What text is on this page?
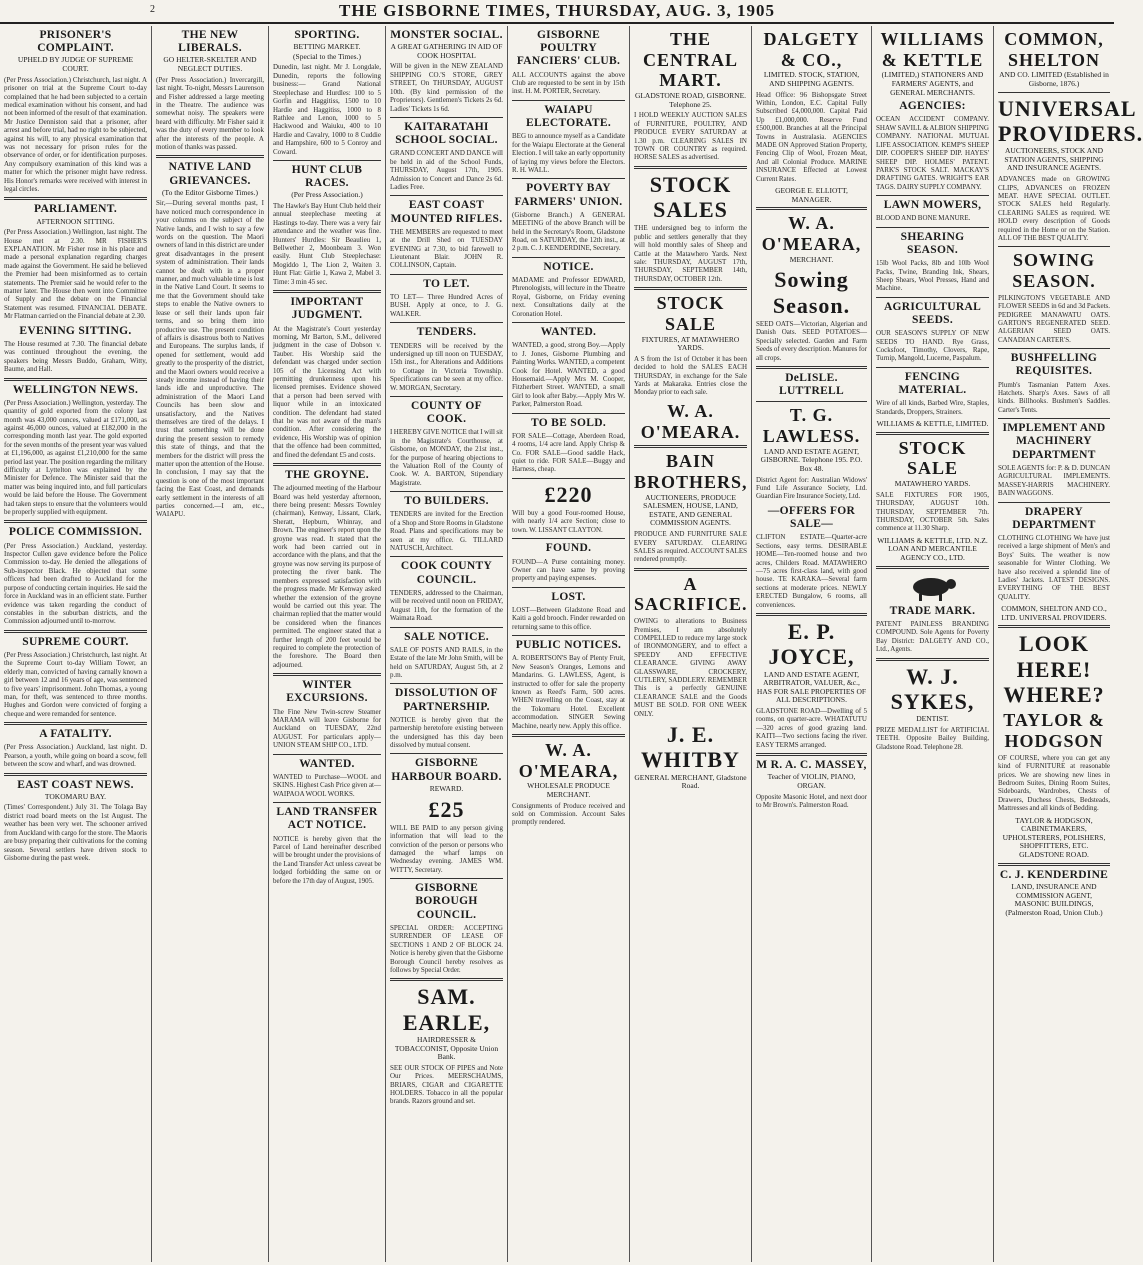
2	THE GISBORNE TIMES, THURSDAY, AUG. 3, 1905
PRISONER'S COMPLAINT.
UPHELD BY JUDGE OF SUPREME COURT.
(Per Press Association.) Christchurch, last night. A prisoner on trial at the Supreme Court to-day complained that he had been subjected to a certain medical examination without his consent, and had not been informed of the result of that examination. Mr Justice Denniston said that a prisoner, after arrest and before trial, had no right to be subjected, against his will, to any physical examination that was not necessary for prison rules for the observance of order, or for identification purposes. Any compulsory examination of this kind was a matter for which the prisoner might have redress. His Honor's remarks were received with interest in legal circles.
PARLIAMENT.
AFTERNOON SITTING.
(Per Press Association.) Wellington, last night. The House met at 2.30. MR FISHER'S EXPLANATION. Mr Fisher rose in his place and made a personal explanation regarding charges made against the Government. He said he believed the Premier had been misinformed as to certain statements. The Premier said he would refer to the matter later. The House then went into Committee of Supply and the debate on the Financial Statement was resumed. FINANCIAL DEBATE. Mr Flatman carried on the Financial debate at 2.30.
EVENING SITTING.
The House resumed at 7.30. The financial debate was continued throughout the evening, the speakers being Messrs Buddo, Graham, Witty, Baume, and Hall.
WELLINGTON NEWS.
(Per Press Association.) Wellington, yesterday. The quantity of gold exported from the colony last month was 43,000 ounces, valued at £171,000, as against 46,000 ounces, valued at £182,000 in the corresponding month last year. The gold exported for the seven months of the present year was valued at £1,196,000, as against £1,210,000 for the same period last year. The position regarding the military difficulty at Lyttelton was explained by the Minister for Defence. The Minister said that the matter was being inquired into, and full particulars would be laid before the House. The Government had taken steps to ensure that the volunteers would be properly supplied with equipment.
POLICE COMMISSION.
(Per Press Association.) Auckland, yesterday. Inspector Cullen gave evidence before the Police Commission to-day. He denied the allegations of Sub-inspector Black. He objected that some officers had been drafted to Auckland for the purpose of conducting certain inquiries. He said the force in Auckland was in an efficient state. Further evidence was taken regarding the conduct of constables in the suburban districts, and the Commission adjourned until to-morrow.
SUPREME COURT.
(Per Press Association.) Christchurch, last night. At the Supreme Court to-day William Tower, an elderly man, convicted of having carnally known a girl between 12 and 16 years of age, was sentenced to five years' imprisonment. John Thomas, a young man, for theft, was sentenced to three months. Hughes and Gordon were convicted of forging a cheque and were remanded for sentence.
A FATALITY.
(Per Press Association.) Auckland, last night. D. Pearson, a youth, while going on board a scow, fell between the scow and wharf, and was drowned.
EAST COAST NEWS.
TOKOMARU BAY.
(Times' Correspondent.) July 31. The Tolaga Bay district road board meets on the 1st August. The weather has been very wet. The schooner arrived from Auckland with cargo for the store. The Maoris are busy preparing their cultivations for the coming season. Several settlers have driven stock to Gisborne during the past week.
THE NEW LIBERALS.
GO HELTER-SKELTER AND NEGLECT DUTIES.
(Per Press Association.) Invercargill, last night. To-night, Messrs Laurenson and Fisher addressed a large meeting in the Theatre. The audience was somewhat noisy. The speakers were heard with difficulty. Mr Fisher said it was the duty of every member to look after the interests of the people. A motion of thanks was passed.
NATIVE LAND GRIEVANCES.
(To the Editor Gisborne Times.)
Sir,—During several months past, I have noticed much correspondence in your columns on the subject of the Native lands, and I wish to say a few words on the question. The Maori owners of land in this district are under great disadvantages in the present system of administration. Their lands cannot be dealt with in a proper manner, and much valuable time is lost in the Native Land Court. It seems to me that the Government should take steps to enable the Native owners to lease or sell their lands upon fair terms, and so bring them into productive use. The present condition of affairs is disastrous both to Natives and Europeans. The surplus lands, if opened for settlement, would add greatly to the prosperity of the district, and the Maori owners would receive a steady income instead of having their lands idle and unproductive. The administration of the Maori Land Councils has been slow and unsatisfactory, and the Natives themselves are tired of the delays. I trust that something will be done during the present session to remedy this state of things, and that the members for the district will press the matter upon the attention of the House. In conclusion, I may say that the question is one of the most important facing the East Coast, and demands early settlement in the interests of all parties concerned.—I am, etc., WAIAPU.
SPORTING.
BETTING MARKET.
(Special to the Times.)
Dunedin, last night. Mr J. Longdale, Dunedin, reports the following business:— Grand National Steeplechase and Hurdles: 100 to 5 Gorfin and Haggitiss, 1500 to 10 Hardie and Haggitiss, 1000 to 8 Rathlee and Lenon, 1000 to 5 Hackwood and Waiuku, 400 to 10 Hardie and Cavalry, 1000 to 8 Cuddie and Hampshire, 600 to 5 Conroy and Coward.
HUNT CLUB RACES.
(Per Press Association.)
The Hawke's Bay Hunt Club held their annual steeplechase meeting at Hastings to-day. There was a very fair attendance and the weather was fine. Hunters' Hurdles: Sir Beaulieu 1, Bellwether 2, Moonbeam 3. Won easily. Hunt Club Steeplechase: Mogiddo 1, The Lion 2, Waiten 3. Hunt Flat: Girlie 1, Kawa 2, Mabel 3. Time: 3 min 45 sec.
IMPORTANT JUDGMENT.
At the Magistrate's Court yesterday morning, Mr Barton, S.M., delivered judgment in the case of Dobson v. Tauber. His Worship said the defendant was charged under section 105 of the Licensing Act with permitting drunkenness upon his licensed premises. Evidence showed that a person had been served with liquor while in an intoxicated condition. The defendant had stated that he was not aware of the man's condition. After considering the evidence, His Worship was of opinion that the offence had been committed, and fined the defendant £5 and costs.
THE GROYNE.
The adjourned meeting of the Harbour Board was held yesterday afternoon, there being present: Messrs Townley (chairman), Kenway, Lissant, Clark, Sheratt, Hepburn, Whinray, and Brown. The engineer's report upon the groyne was read. It stated that the work had been carried out in accordance with the plans, and that the groyne was now serving its purpose of protecting the river bank. The members expressed satisfaction with the progress made. Mr Kenway asked whether the extension of the groyne would be carried out this year. The chairman replied that the matter would be considered when the finances permitted. The engineer stated that a further length of 200 feet would be required to complete the protection of the foreshore. The Board then adjourned.
WINTER EXCURSIONS.
The Fine New Twin-screw Steamer MARAMA will leave Gisborne for Auckland on TUESDAY, 22nd AUGUST. For particulars apply— UNION STEAM SHIP CO., LTD.
WANTED.
WANTED to Purchase—WOOL and SKINS. Highest Cash Price given at— WAIPAOA WOOL WORKS.
LAND TRANSFER ACT NOTICE.
NOTICE is hereby given that the Parcel of Land hereinafter described will be brought under the provisions of the Land Transfer Act unless caveat be lodged forbidding the same on or before the 17th day of August, 1905.
MONSTER SOCIAL.
A GREAT GATHERING IN AID OF COOK HOSPITAL
Will be given in the NEW ZEALAND SHIPPING CO.'S STORE, GREY STREET, On THURSDAY, AUGUST 10th. (By kind permission of the Proprietors). Gentlemen's Tickets 2s 6d. Ladies' Tickets 1s 6d.
KAITARATAHI SCHOOL SOCIAL.
GRAND CONCERT AND DANCE will be held in aid of the School Funds, THURSDAY, August 17th, 1905. Admission to Concert and Dance 2s 6d. Ladies Free.
EAST COAST MOUNTED RIFLES.
THE MEMBERS are requested to meet at the Drill Shed on TUESDAY EVENING at 7.30, to bid farewell to Lieutenant Blair. JOHN R. COLLINSON, Captain.
TO LET.
TO LET— Three Hundred Acres of BUSH. Apply at once, to J. G. WALKER.
TENDERS.
TENDERS will be received by the undersigned up till noon on TUESDAY, 15th inst., for Alterations and Additions to Cottage in Victoria Township. Specifications can be seen at my office. W. MORGAN, Secretary.
COUNTY OF COOK.
I HEREBY GIVE NOTICE that I will sit in the Magistrate's Courthouse, at Gisborne, on MONDAY, the 21st inst., for the purpose of hearing objections to the Valuation Roll of the County of Cook. W. A. BARTON, Stipendiary Magistrate.
TO BUILDERS.
TENDERS are invited for the Erection of a Shop and Store Rooms in Gladstone Road. Plans and specifications may be seen at my office. G. TILLARD NATUSCH, Architect.
COOK COUNTY COUNCIL.
TENDERS, addressed to the Chairman, will be received until noon on FRIDAY, August 11th, for the formation of the Waimata Road.
SALE NOTICE.
SALE OF POSTS AND RAILS, in the Estate of the late Mr John Smith, will be held on SATURDAY, August 5th, at 2 p.m.
DISSOLUTION OF PARTNERSHIP.
NOTICE is hereby given that the partnership heretofore existing between the undersigned has this day been dissolved by mutual consent.
GISBORNE HARBOUR BOARD.
REWARD.
£25
WILL BE PAID to any person giving information that will lead to the conviction of the person or persons who damaged the wharf lamps on Wednesday evening. JAMES WM. WITTY, Secretary.
GISBORNE BOROUGH COUNCIL.
SPECIAL ORDER: ACCEPTING SURRENDER OF LEASE OF SECTIONS 1 AND 2 OF BLOCK 24. Notice is hereby given that the Gisborne Borough Council hereby resolves as follows by Special Order.
SAM. EARLE,
HAIRDRESSER & TOBACCONIST, Opposite Union Bank.
SEE OUR STOCK OF PIPES and Note Our Prices. MEERSCHAUMS, BRIARS, CIGAR and CIGARETTE HOLDERS. Tobacco in all the popular brands. Razors ground and set.
GISBORNE POULTRY FANCIERS' CLUB.
ALL ACCOUNTS against the above Club are requested to be sent in by 15th inst. H. M. PORTER, Secretary.
WAIAPU ELECTORATE.
BEG to announce myself as a Candidate for the Waiapu Electorate at the General Election. I will take an early opportunity of laying my views before the Electors. R. H. WALL.
POVERTY BAY FARMERS' UNION.
(Gisborne Branch.) A GENERAL MEETING of the above Branch will be held in the Secretary's Room, Gladstone Road, on SATURDAY, the 12th inst., at 2 p.m. C. J. KENDERDINE, Secretary.
NOTICE.
MADAME and Professor EDWARD, Phrenologists, will lecture in the Theatre Royal, Gisborne, on Friday evening next. Consultations daily at the Coronation Hotel.
WANTED.
WANTED, a good, strong Boy.—Apply to J. Jones, Gisborne Plumbing and Painting Works. WANTED, a competent Cook for Hotel. WANTED, a good Housemaid.—Apply Mrs M. Cooper, Fitzherbert Street. WANTED, a small Girl to look after Baby.—Apply Mrs W. Parker, Palmerston Road.
TO BE SOLD.
FOR SALE—Cottage, Aberdeen Road, 4 rooms, 1/4 acre land. Apply Chrisp & Co. FOR SALE—Good saddle Hack, quiet to ride. FOR SALE—Buggy and Harness, cheap.
£220
Will buy a good Four-roomed House, with nearly 1/4 acre Section; close to town. W. LISSANT CLAYTON.
FOUND.
FOUND—A Purse containing money. Owner can have same by proving property and paying expenses.
LOST.
LOST—Between Gladstone Road and Kaiti a gold brooch. Finder rewarded on returning same to this office.
PUBLIC NOTICES.
A. ROBERTSON'S Bay of Plenty Fruit, New Season's Oranges, Lemons and Mandarins. G. LAWLESS, Agent, is instructed to offer for sale the property known as Reed's Farm, 500 acres. WHEN travelling on the Coast, stay at the Tokomaru Hotel. Excellent accommodation. SINGER Sewing Machine, nearly new. Apply this office.
W. A. O'MEARA,
WHOLESALE PRODUCE MERCHANT.
Consignments of Produce received and sold on Commission. Account Sales promptly rendered.
THE CENTRAL MART.
GLADSTONE ROAD, GISBORNE. Telephone 25.
I HOLD WEEKLY AUCTION SALES of FURNITURE, POULTRY, AND PRODUCE EVERY SATURDAY at 1.30 p.m. CLEARING SALES IN TOWN OR COUNTRY as required. HORSE SALES as advertised.
STOCK SALES
THE undersigned beg to inform the public and settlers generally that they will hold monthly sales of Sheep and Cattle at the Matawhero Yards. Next sale: THURSDAY, AUGUST 17th, THURSDAY, SEPTEMBER 14th, THURSDAY, OCTOBER 12th.
STOCK SALE
FIXTURES, AT MATAWHERO YARDS.
A S from the 1st of October it has been decided to hold the SALES EACH THURSDAY, in exchange for the Sale Yards at Makaraka. Entries close the Monday prior to each sale.
W. A. O'MEARA.
BAIN BROTHERS,
AUCTIONEERS, PRODUCE SALESMEN, HOUSE, LAND, ESTATE, AND GENERAL COMMISSION AGENTS.
PRODUCE AND FURNITURE SALE EVERY SATURDAY. CLEARING SALES as required. ACCOUNT SALES rendered promptly.
A SACRIFICE.
OWING to alterations to Business Premises, I am absolutely COMPELLED to reduce my large stock of IRONMONGERY, and to effect a SPEEDY AND EFFECTIVE CLEARANCE. GIVING AWAY GLASSWARE, CROCKERY, CUTLERY, SADDLERY. REMEMBER This is a perfectly GENUINE CLEARANCE SALE and the Goods MUST BE SOLD. FOR ONE WEEK ONLY.
J. E. WHITBY
GENERAL MERCHANT, Gladstone Road.
DALGETY & CO.,
LIMITED. STOCK, STATION, AND SHIPPING AGENTS.
Head Office: 96 Bishopsgate Street Within, London, E.C. Capital Fully Subscribed £4,000,000. Capital Paid Up £1,000,000. Reserve Fund £500,000. Branches at all the Principal Towns in Australasia. AGENCIES MADE ON Approved Station Property, Fencing Clip of Wool, Frozen Meat, And all Colonial Produce. MARINE INSURANCE Effected at Lowest Current Rates.
GEORGE E. ELLIOTT, MANAGER.
W. A. O'MEARA,
MERCHANT.
Sowing Season.
SEED OATS—Victorian, Algerian and Danish Oats. SEED POTATOES—Specially selected. Garden and Farm Seeds of every description. Manures for all crops.
DeLISLE. LUTTRELL
T. G. LAWLESS.
LAND AND ESTATE AGENT, GISBORNE. Telephone 195. P.O. Box 48.
District Agent for: Australian Widows' Fund Life Assurance Society, Ltd. Guardian Fire Insurance Society, Ltd.
—OFFERS FOR SALE—
CLIFTON ESTATE—Quarter-acre Sections, easy terms. DESIRABLE HOME—Ten-roomed house and two acres, Childers Road. MATAWHERO—75 acres first-class land, with good house. TE KARAKA—Several farm sections at moderate prices. NEWLY ERECTED Bungalow, 6 rooms, all conveniences.
E. P. JOYCE,
LAND AND ESTATE AGENT, ARBITRATOR, VALUER, &c., HAS FOR SALE PROPERTIES OF ALL DESCRIPTIONS.
GLADSTONE ROAD—Dwelling of 5 rooms, on quarter-acre. WHATATUTU—320 acres of good grazing land. KAITI—Two sections facing the river. EASY TERMS arranged.
M R. A. C. MASSEY,
Teacher of VIOLIN, PIANO, ORGAN.
Opposite Masonic Hotel, and next door to Mr Brown's. Palmerston Road.
WILLIAMS & KETTLE
(LIMITED,) STATIONERS AND FARMERS' AGENTS, and GENERAL MERCHANTS.
AGENCIES:
OCEAN ACCIDENT COMPANY. SHAW SAVILL & ALBION SHIPPING COMPANY. NATIONAL MUTUAL LIFE ASSOCIATION. KEMP'S SHEEP DIP. COOPER'S SHEEP DIP. HAYES' SHEEP DIP. HOLMES' PATENT. PARK'S STOCK SALT. MACKAY'S DRAFTING GATES. WRIGHT'S EAR TAGS. DAIRY SUPPLY COMPANY.
LAWN MOWERS,
BLOOD AND BONE MANURE.
SHEARING SEASON.
15lb Wool Packs, 8lb and 10lb Wool Packs, Twine, Branding Ink, Shears, Sheep Shears, Wool Presses, Hand and Machine.
AGRICULTURAL SEEDS.
OUR SEASON'S SUPPLY OF NEW SEEDS TO HAND. Rye Grass, Cocksfoot, Timothy, Clovers, Rape, Turnip, Mangold, Lucerne, Paspalum.
FENCING MATERIAL.
Wire of all kinds, Barbed Wire, Staples, Standards, Droppers, Strainers.
WILLIAMS & KETTLE, LIMITED.
STOCK SALE
MATAWHERO YARDS.
SALE FIXTURES FOR 1905, THURSDAY, AUGUST 10th. THURSDAY, SEPTEMBER 7th. THURSDAY, OCTOBER 5th. Sales commence at 11.30 Sharp.
WILLIAMS & KETTLE, LTD. N.Z. LOAN AND MERCANTILE AGENCY CO., LTD.
TRADE MARK.
PATENT PAINLESS BRANDING COMPOUND. Sole Agents for Poverty Bay District: DALGETY AND CO., Ltd., Agents.
W. J. SYKES,
DENTIST.
PRIZE MEDALLIST for ARTIFICIAL TEETH. Opposite Bailey Building, Gladstone Road. Telephone 28.
COMMON, SHELTON
AND CO. LIMITED (Established in Gisborne, 1876.)
UNIVERSAL PROVIDERS.
AUCTIONEERS, STOCK AND STATION AGENTS, SHIPPING AND INSURANCE AGENTS.
ADVANCES made on GROWING CLIPS, ADVANCES on FROZEN MEAT. HAVE SPECIAL OUTLET. STOCK SALES held Regularly. CLEARING SALES as required. WE HOLD every description of Goods required in the Home or on the Station. ALL OF THE BEST QUALITY.
SOWING SEASON.
PILKINGTON'S VEGETABLE AND FLOWER SEEDS in 6d and 3d Packets. PEDIGREE MANAWATU OATS. GARTON'S REGENERATED SEED. ALGERIAN SEED OATS. CANADIAN CARTER'S.
BUSHFELLING REQUISITES.
Plumb's Tasmanian Pattern Axes. Hatchets. Sharp's Axes. Saws of all kinds. Billhooks. Bushmen's Saddles. Carter's Tents.
IMPLEMENT AND MACHINERY DEPARTMENT
SOLE AGENTS for: P. & D. DUNCAN AGRICULTURAL IMPLEMENTS. MASSEY-HARRIS MACHINERY. BAIN WAGGONS.
DRAPERY DEPARTMENT
CLOTHING CLOTHING We have just received a large shipment of Men's and Boys' Suits. The weather is now seasonable for Winter Clothing. We have also received a splendid line of Ladies' Jackets. LATEST DESIGNS. EVERYTHING OF THE BEST QUALITY.
COMMON, SHELTON AND CO., LTD. UNIVERSAL PROVIDERS.
LOOK HERE! WHERE?
TAYLOR & HODGSON
OF COURSE, where you can get any kind of FURNITURE at reasonable prices. We are showing new lines in Bedroom Suites, Dining Room Suites, Sideboards, Wardrobes, Chests of Drawers, Duchess Chests, Bedsteads, Mattresses and all kinds of Bedding.
TAYLOR & HODGSON, CABINETMAKERS, UPHOLSTERERS, POLISHERS, SHOPFITTERS, ETC. GLADSTONE ROAD.
C. J. KENDERDINE
LAND, INSURANCE AND COMMISSION AGENT, MASONIC BUILDINGS, (Palmerston Road, Union Club.)
